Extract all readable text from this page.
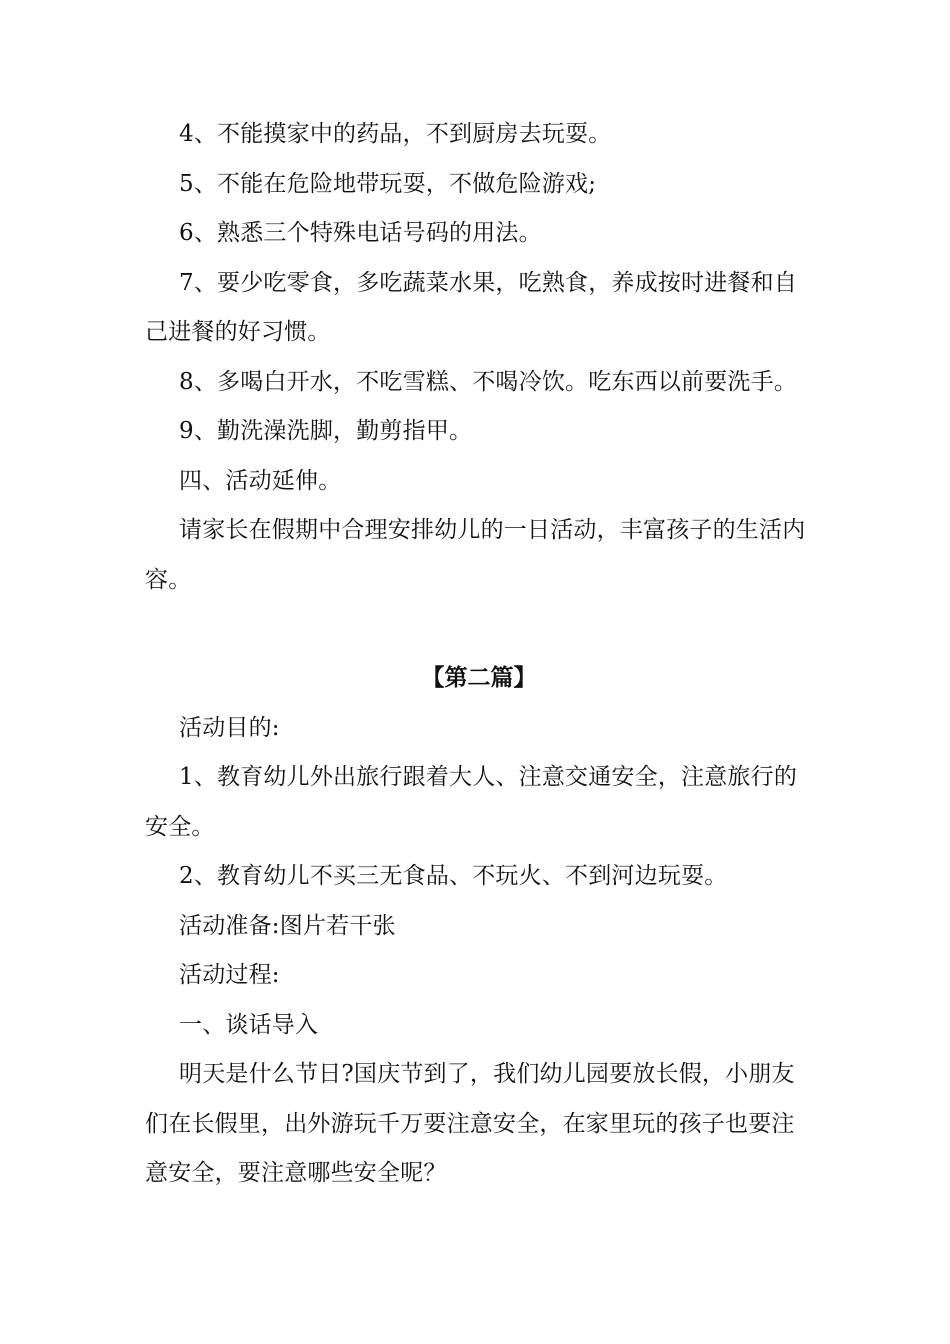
4、不能摸家中的药品，不到厨房去玩耍。

5、不能在危险地带玩耍，不做危险游戏;

6、熟悉三个特殊电话号码的用法。

7、要少吃零食，多吃蔬菜水果，吃熟食，养成按时进餐和自己进餐的好习惯。

8、多喝白开水，不吃雪糕、不喝冷饮。吃东西以前要洗手。

9、勤洗澡洗脚，勤剪指甲。

四、活动延伸。

请家长在假期中合理安排幼儿的一日活动，丰富孩子的生活内容。

【第二篇】

活动目的:

1、教育幼儿外出旅行跟着大人、注意交通安全，注意旅行的安全。

2、教育幼儿不买三无食品、不玩火、不到河边玩耍。

活动准备:图片若干张

活动过程:

一、谈话导入

明天是什么节日?国庆节到了，我们幼儿园要放长假，小朋友们在长假里，出外游玩千万要注意安全，在家里玩的孩子也要注意安全，要注意哪些安全呢？
